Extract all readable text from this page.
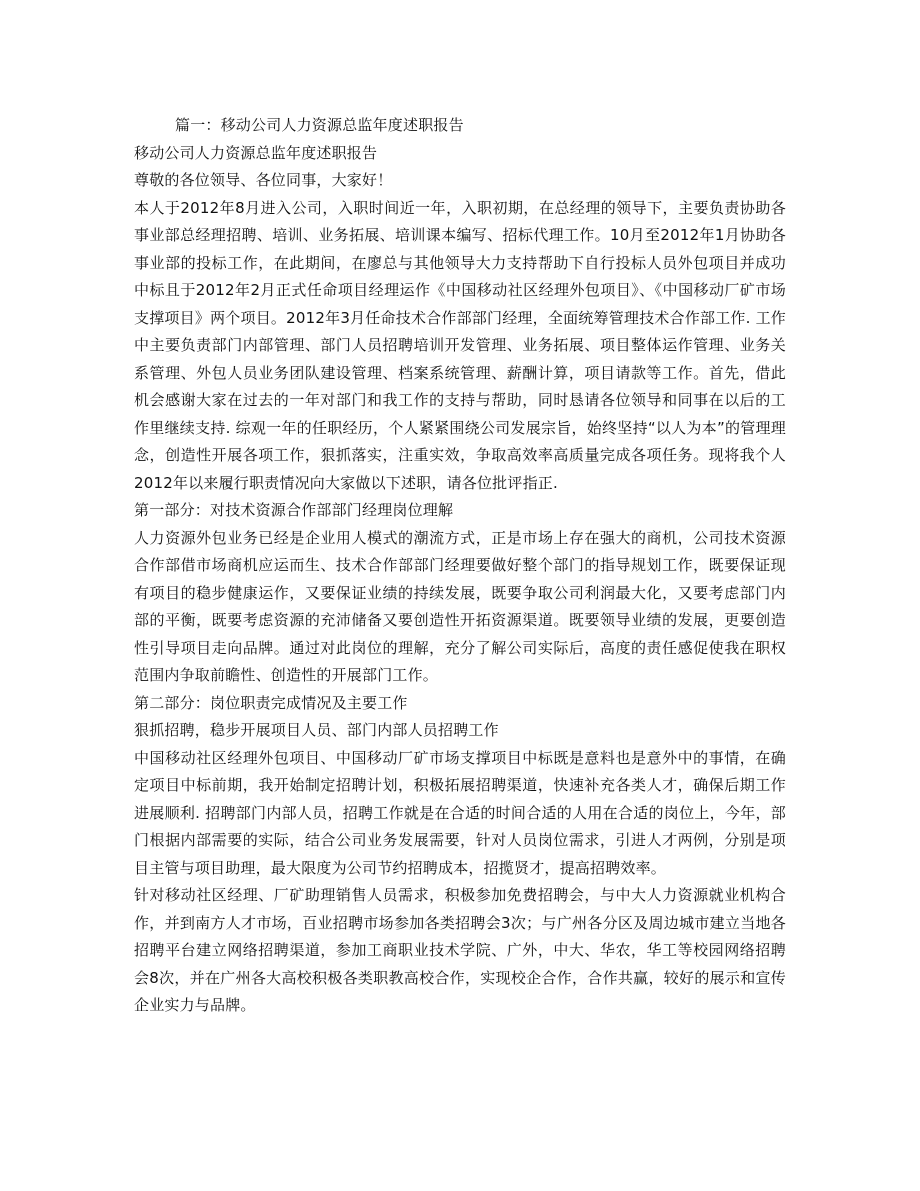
篇一：移动公司人力资源总监年度述职报告
移动公司人力资源总监年度述职报告
尊敬的各位领导、各位同事，大家好！
本人于2012年8月进入公司，入职时间近一年，入职初期，在总经理的领导下，主要负责协助各事业部总经理招聘、培训、业务拓展、培训课本编写、招标代理工作。10月至2012年1月协助各事业部的投标工作，在此期间，在廖总与其他领导大力支持帮助下自行投标人员外包项目并成功中标且于2012年2月正式任命项目经理运作《中国移动社区经理外包项目》、《中国移动厂矿市场支撑项目》两个项目。2012年3月任命技术合作部部门经理，全面统筹管理技术合作部工作. 工作中主要负责部门内部管理、部门人员招聘培训开发管理、业务拓展、项目整体运作管理、业务关系管理、外包人员业务团队建设管理、档案系统管理、薪酬计算，项目请款等工作。首先，借此机会感谢大家在过去的一年对部门和我工作的支持与帮助，同时恳请各位领导和同事在以后的工作里继续支持. 综观一年的任职经历，个人紧紧围绕公司发展宗旨，始终坚持“以人为本”的管理理念，创造性开展各项工作，狠抓落实，注重实效，争取高效率高质量完成各项任务。现将我个人2012年以来履行职责情况向大家做以下述职，请各位批评指正.
第一部分：对技术资源合作部部门经理岗位理解
人力资源外包业务已经是企业用人模式的潮流方式，正是市场上存在强大的商机，公司技术资源合作部借市场商机应运而生、技术合作部部门经理要做好整个部门的指导规划工作，既要保证现有项目的稳步健康运作，又要保证业绩的持续发展，既要争取公司利润最大化，又要考虑部门内部的平衡，既要考虑资源的充沛储备又要创造性开拓资源渠道。既要领导业绩的发展，更要创造性引导项目走向品牌。通过对此岗位的理解，充分了解公司实际后，高度的责任感促使我在职权范围内争取前瞻性、创造性的开展部门工作。
第二部分：岗位职责完成情况及主要工作
狠抓招聘，稳步开展项目人员、部门内部人员招聘工作
中国移动社区经理外包项目、中国移动厂矿市场支撑项目中标既是意料也是意外中的事情，在确定项目中标前期，我开始制定招聘计划，积极拓展招聘渠道，快速补充各类人才，确保后期工作进展顺利. 招聘部门内部人员，招聘工作就是在合适的时间合适的人用在合适的岗位上，今年，部门根据内部需要的实际，结合公司业务发展需要，针对人员岗位需求，引进人才两例，分别是项目主管与项目助理，最大限度为公司节约招聘成本，招揽贤才，提高招聘效率。
针对移动社区经理、厂矿助理销售人员需求，积极参加免费招聘会，与中大人力资源就业机构合作，并到南方人才市场，百业招聘市场参加各类招聘会3次；与广州各分区及周边城市建立当地各招聘平台建立网络招聘渠道，参加工商职业技术学院、广外，中大、华农，华工等校园网络招聘会8次，并在广州各大高校积极各类职教高校合作，实现校企合作，合作共赢，较好的展示和宣传企业实力与品牌。
